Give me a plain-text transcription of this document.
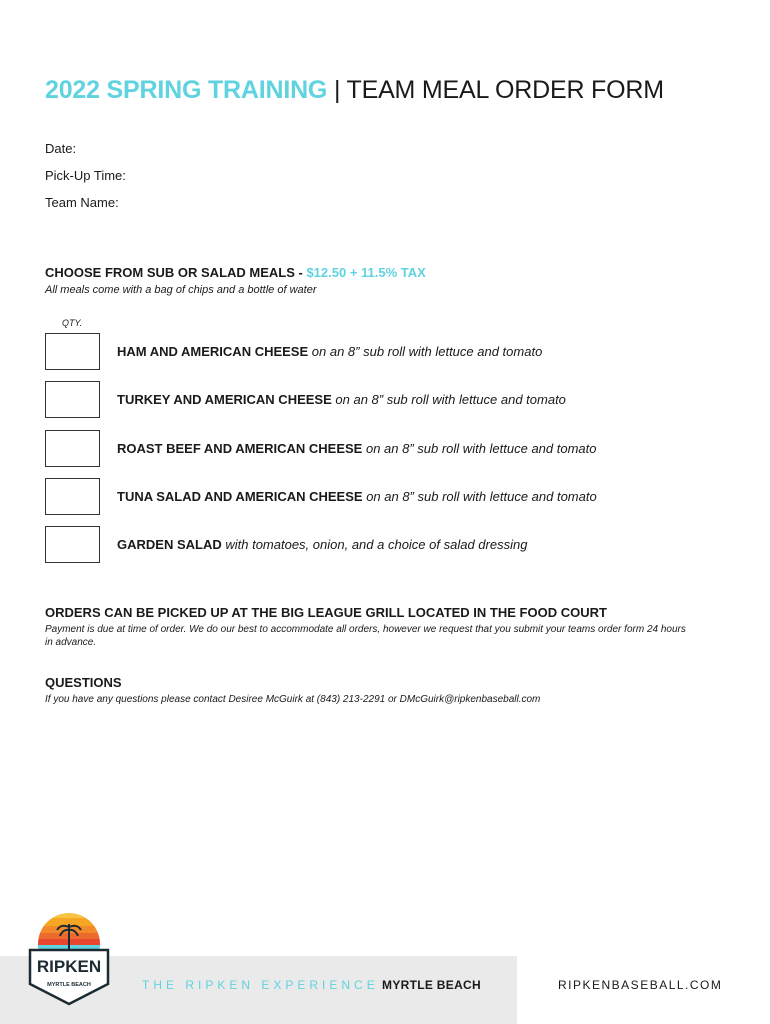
2022 SPRING TRAINING | TEAM MEAL ORDER FORM
Date:
Pick-Up Time:
Team Name:
CHOOSE FROM SUB OR SALAD MEALS - $12.50 + 11.5% TAX
All meals come with a bag of chips and a bottle of water
QTY.
HAM AND AMERICAN CHEESE on an 8” sub roll with lettuce and tomato
TURKEY AND AMERICAN CHEESE on an 8” sub roll with lettuce and tomato
ROAST BEEF AND AMERICAN CHEESE on an 8” sub roll with lettuce and tomato
TUNA SALAD AND AMERICAN CHEESE on an 8” sub roll with lettuce and tomato
GARDEN SALAD with tomatoes, onion, and a choice of salad dressing
ORDERS CAN BE PICKED UP AT THE BIG LEAGUE GRILL LOCATED IN THE FOOD COURT
Payment is due at time of order. We do our best to accommodate all orders, however we request that you submit your teams order form 24 hours in advance.
QUESTIONS
If you have any questions please contact Desiree McGuirk at (843) 213-2291 or DMcGuirk@ripkenbaseball.com
RIPKEN
MYRTLE BEACH	THE RIPKEN EXPERIENCE MYRTLE BEACH	RIPKENBASEBALL.COM
